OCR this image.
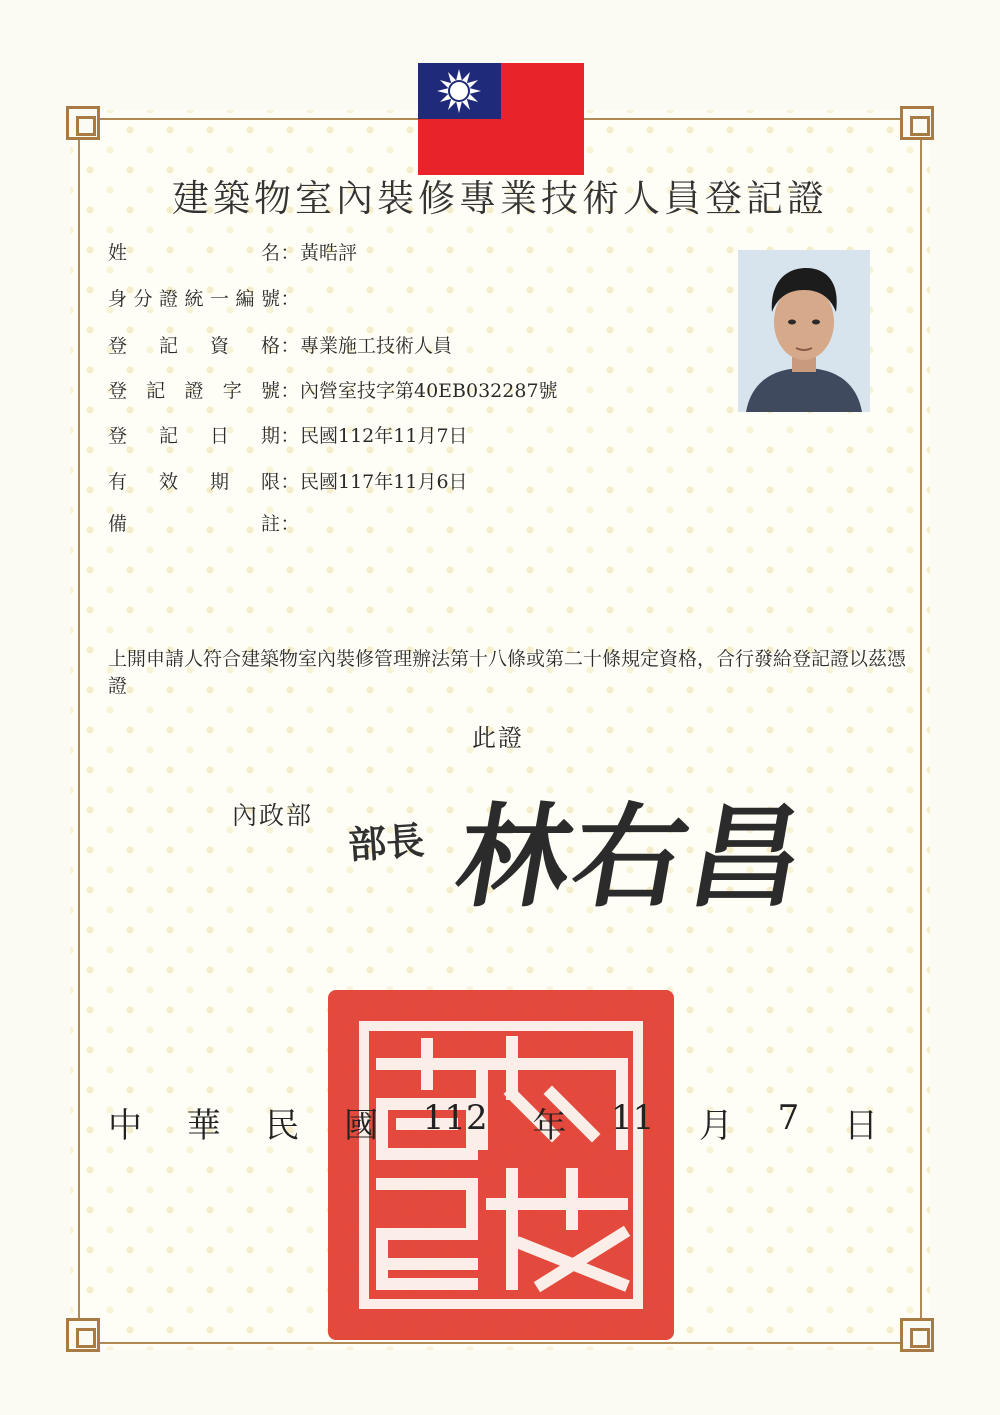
建築物室內裝修專業技術人員登記證
姓名：黃晧評
身分證統一編號：
登記資格：專業施工技術人員
登記證字號：內營室技字第40EB032287號
登記日期：民國112年11月7日
有效期限：民國117年11月6日
備註：

上開申請人符合建築物室內裝修管理辦法第十八條或第二十條規定資格，合行發給登記證以茲憑證

此證
內政部
部長 林右昌
中 華 民 國 112 年 11 月 7 日
